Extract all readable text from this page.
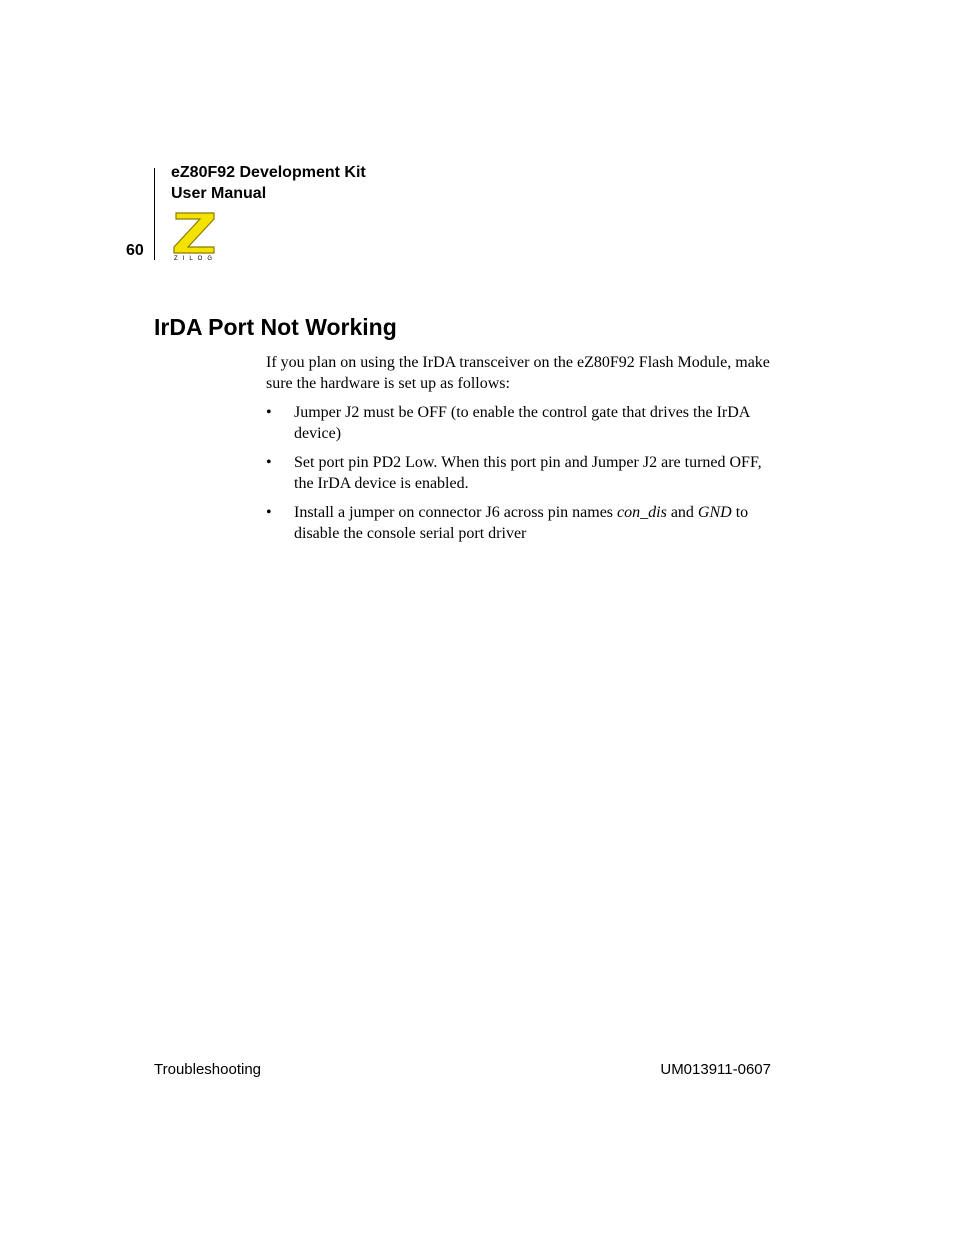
eZ80F92 Development Kit
User Manual
60	ZILOG
IrDA Port Not Working

If you plan on using the IrDA transceiver on the eZ80F92 Flash Module, make sure the hardware is set up as follows:

• Jumper J2 must be OFF (to enable the control gate that drives the IrDA device)
• Set port pin PD2 Low. When this port pin and Jumper J2 are turned OFF, the IrDA device is enabled.
• Install a jumper on connector J6 across pin names con_dis and GND to disable the console serial port driver
Troubleshooting	UM013911-0607
